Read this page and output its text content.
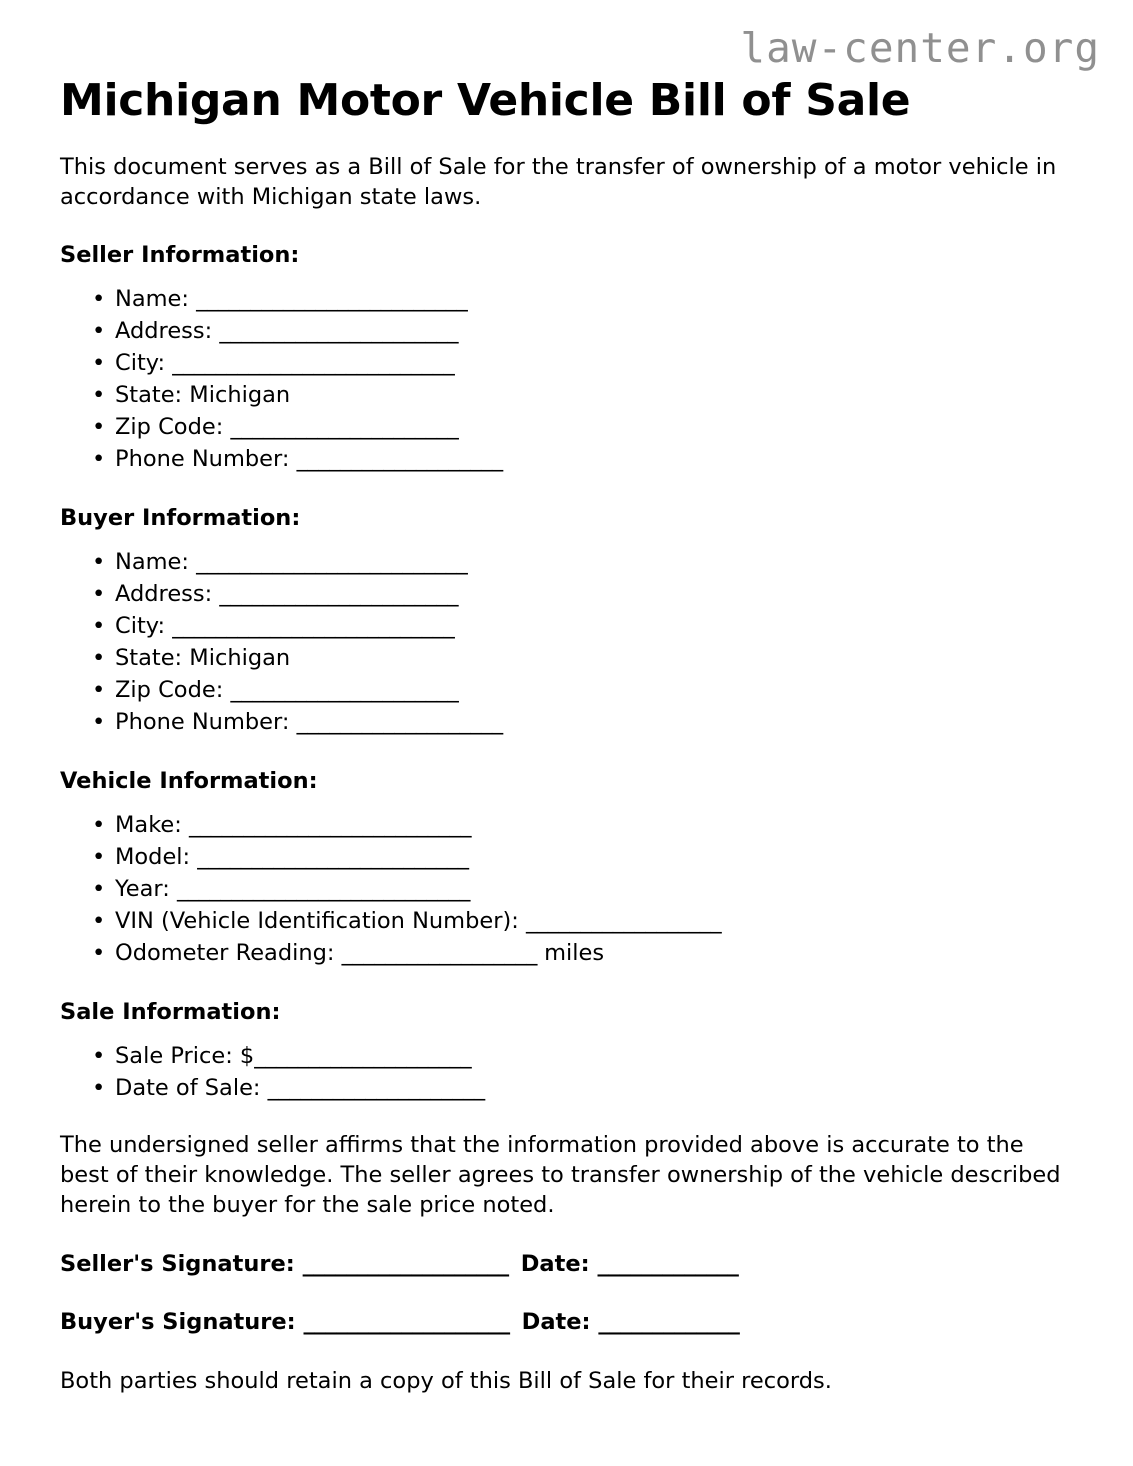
law-center.org
Michigan Motor Vehicle Bill of Sale

This document serves as a Bill of Sale for the transfer of ownership of a motor vehicle in accordance with Michigan state laws.

Seller Information:
• Name: _________________________
• Address: ______________________
• City: __________________________
• State: Michigan
• Zip Code: _____________________
• Phone Number: ___________________
Buyer Information:
• Name: _________________________
• Address: ______________________
• City: __________________________
• State: Michigan
• Zip Code: _____________________
• Phone Number: ___________________
Vehicle Information:
• Make: __________________________
• Model: _________________________
• Year: ___________________________
• VIN (Vehicle Identification Number): __________________
• Odometer Reading: __________________ miles
Sale Information:
• Sale Price: $____________________
• Date of Sale: ____________________

The undersigned seller affirms that the information provided above is accurate to the best of their knowledge. The seller agrees to transfer ownership of the vehicle described herein to the buyer for the sale price noted.

Seller's Signature: ___________________ Date: _____________
Buyer's Signature: ___________________ Date: _____________

Both parties should retain a copy of this Bill of Sale for their records.
